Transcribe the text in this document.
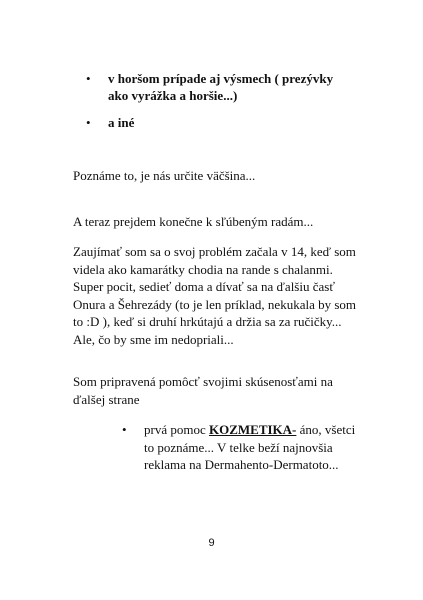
• v horšom prípade aj výsmech ( prezývky ako vyrážka a horšie...)
• a iné

Poznáme to, je nás určite väčšina...

A teraz prejdem konečne k sľúbeným radám...

Zaujímať som sa o svoj problém začala v 14, keď som videla ako kamarátky chodia na rande s chalanmi. Super pocit, sedieť doma a dívať sa na ďalšiu časť Onura a Šehrezády (to je len príklad, nekukala by som to :D ), keď si druhí hrkútajú a držia sa za ručičky... Ale, čo by sme im nedopriali...

Som pripravená pomôcť svojimi skúsenosťami na ďalšej strane

• prvá pomoc KOZMETIKA- áno, všetci to poznáme... V telke beží najnovšia reklama na Dermahento-Dermatoto...
9
